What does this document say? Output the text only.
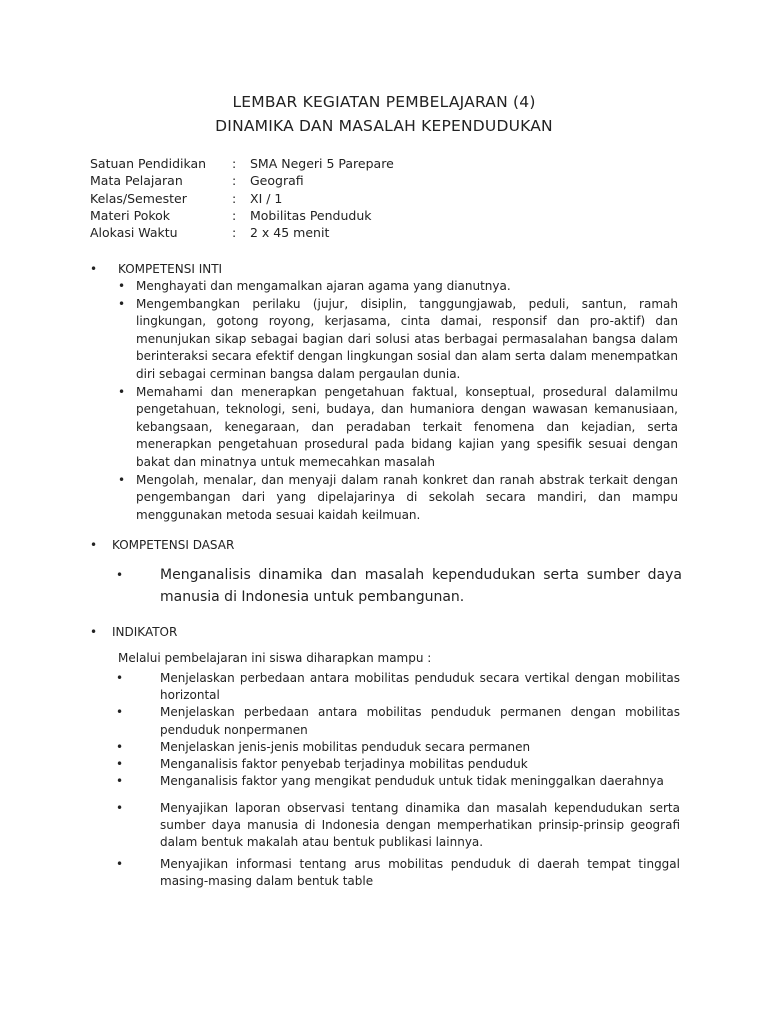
LEMBAR KEGIATAN PEMBELAJARAN (4)
DINAMIKA DAN MASALAH KEPENDUDUKAN
Satuan Pendidikan : SMA Negeri 5 Parepare
Mata Pelajaran	: Geografi
Kelas/Semester	: XI / 1
Materi Pokok	: Mobilitas Penduduk
Alokasi Waktu	: 2 x 45 menit
• KOMPETENSI INTI
• Menghayati dan mengamalkan ajaran agama yang dianutnya.
• Mengembangkan perilaku (jujur, disiplin, tanggungjawab, peduli, santun, ramah lingkungan, gotong royong, kerjasama, cinta damai, responsif dan pro-aktif) dan menunjukan sikap sebagai bagian dari solusi atas berbagai permasalahan bangsa dalam berinteraksi secara efektif dengan lingkungan sosial dan alam serta dalam menempatkan diri sebagai cerminan bangsa dalam pergaulan dunia.
• Memahami dan menerapkan pengetahuan faktual, konseptual, prosedural dalamilmu pengetahuan, teknologi, seni, budaya, dan humaniora dengan wawasan kemanusiaan, kebangsaan, kenegaraan, dan peradaban terkait fenomena dan kejadian, serta menerapkan pengetahuan prosedural pada bidang kajian yang spesifik sesuai dengan bakat dan minatnya untuk memecahkan masalah
• Mengolah, menalar, dan menyaji dalam ranah konkret dan ranah abstrak terkait dengan pengembangan dari yang dipelajarinya di sekolah secara mandiri, dan mampu menggunakan metoda sesuai kaidah keilmuan.
• KOMPETENSI DASAR
•	Menganalisis dinamika dan masalah kependudukan serta sumber daya manusia di Indonesia untuk pembangunan.
• INDIKATOR
Melalui pembelajaran ini siswa diharapkan mampu :
•	Menjelaskan perbedaan antara mobilitas penduduk secara vertikal dengan mobilitas horizontal
•	Menjelaskan perbedaan antara mobilitas penduduk permanen dengan mobilitas penduduk nonpermanen
•	Menjelaskan jenis-jenis mobilitas penduduk secara permanen
•	Menganalisis faktor penyebab terjadinya mobilitas penduduk
•	Menganalisis faktor yang mengikat penduduk untuk tidak meninggalkan daerahnya
•	Menyajikan laporan observasi tentang dinamika dan masalah kependudukan serta sumber daya manusia di Indonesia dengan memperhatikan prinsip-prinsip geografi dalam bentuk makalah atau bentuk publikasi lainnya.
•	Menyajikan informasi tentang arus mobilitas penduduk di daerah tempat tinggal masing-masing dalam bentuk table
